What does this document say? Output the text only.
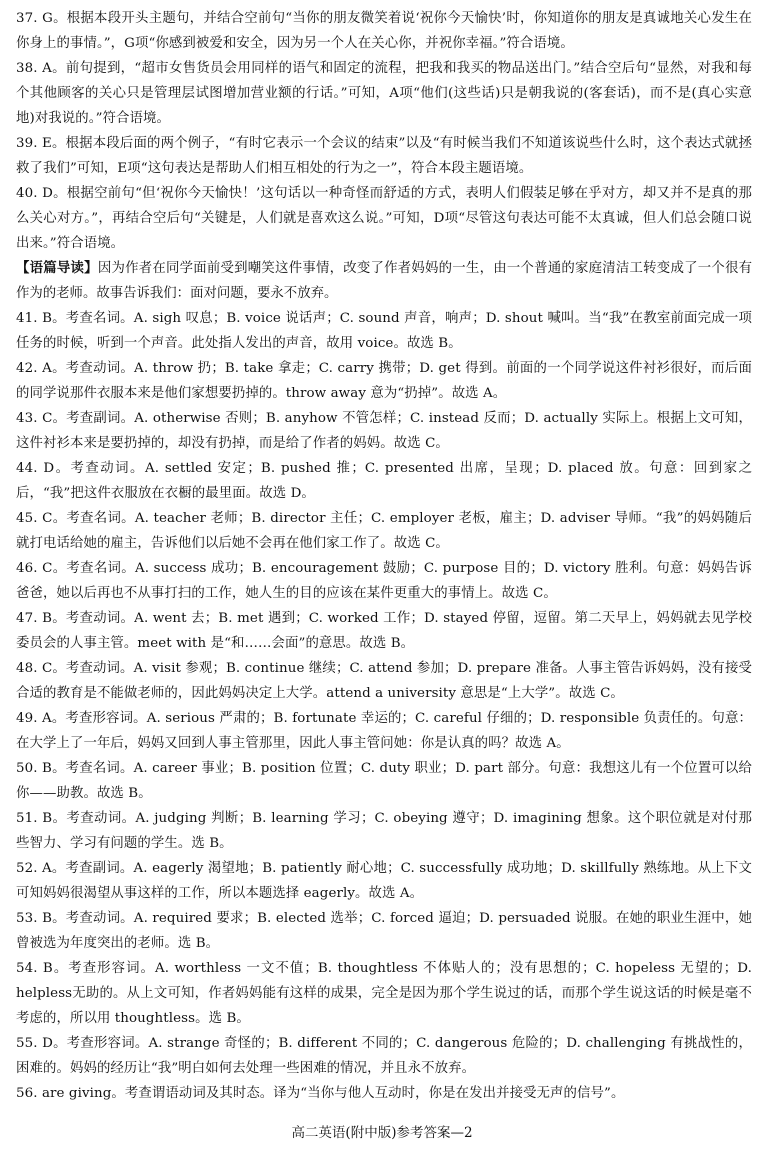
37. G。根据本段开头主题句，并结合空前句“当你的朋友微笑着说‘祝你今天愉快’时，你知道你的朋友是真诚地关心发生在你身上的事情。”，G项“你感到被爱和安全，因为另一个人在关心你，并祝你幸福。”符合语境。
38. A。前句提到，“超市女售货员会用同样的语气和固定的流程，把我和我买的物品送出门。”结合空后句“显然，对我和每个其他顾客的关心只是管理层试图增加营业额的行话。”可知，A项“他们(这些话)只是朝我说的(客套话)，而不是(真心实意地)对我说的。”符合语境。
39. E。根据本段后面的两个例子，“有时它表示一个会议的结束”以及“有时候当我们不知道该说些什么时，这个表达式就拯救了我们”可知，E项“这句表达是帮助人们相互相处的行为之一”，符合本段主题语境。
40. D。根据空前句“但‘祝你今天愉快！’这句话以一种奇怪而舒适的方式，表明人们假装足够在乎对方，却又并不是真的那么关心对方。”，再结合空后句“关键是，人们就是喜欢这么说。”可知，D项“尽管这句表达可能不太真诚，但人们总会随口说出来。”符合语境。
【语篇导读】因为作者在同学面前受到嘲笑这件事情，改变了作者妈妈的一生，由一个普通的家庭清洁工转变成了一个很有作为的老师。故事告诉我们：面对问题，要永不放弃。
41. B。考查名词。A. sigh 叹息；B. voice 说话声；C. sound 声音，响声；D. shout 喊叫。当“我”在教室前面完成一项任务的时候，听到一个声音。此处指人发出的声音，故用 voice。故选 B。
42. A。考查动词。A. throw 扔；B. take 拿走；C. carry 携带；D. get 得到。前面的一个同学说这件衬衫很好，而后面的同学说那件衣服本来是他们家想要扔掉的。throw away 意为“扔掉”。故选 A。
43. C。考查副词。A. otherwise 否则；B. anyhow 不管怎样；C. instead 反而；D. actually 实际上。根据上文可知，这件衬衫本来是要扔掉的，却没有扔掉，而是给了作者的妈妈。故选 C。
44. D。考查动词。A. settled 安定；B. pushed 推；C. presented 出席，呈现；D. placed 放。句意：回到家之后，“我”把这件衣服放在衣橱的最里面。故选 D。
45. C。考查名词。A. teacher 老师；B. director 主任；C. employer 老板，雇主；D. adviser 导师。“我”的妈妈随后就打电话给她的雇主，告诉他们以后她不会再在他们家工作了。故选 C。
46. C。考查名词。A. success 成功；B. encouragement 鼓励；C. purpose 目的；D. victory 胜利。句意：妈妈告诉爸爸，她以后再也不从事打扫的工作，她人生的目的应该在某件更重大的事情上。故选 C。
47. B。考查动词。A. went 去；B. met 遇到；C. worked 工作；D. stayed 停留，逗留。第二天早上，妈妈就去见学校委员会的人事主管。meet with 是“和……会面”的意思。故选 B。
48. C。考查动词。A. visit 参观；B. continue 继续；C. attend 参加；D. prepare 准备。人事主管告诉妈妈，没有接受合适的教育是不能做老师的，因此妈妈决定上大学。attend a university 意思是“上大学”。故选 C。
49. A。考查形容词。A. serious 严肃的；B. fortunate 幸运的；C. careful 仔细的；D. responsible 负责任的。句意：在大学上了一年后，妈妈又回到人事主管那里，因此人事主管问她：你是认真的吗？故选 A。
50. B。考查名词。A. career 事业；B. position 位置；C. duty 职业；D. part 部分。句意：我想这儿有一个位置可以给你——助教。故选 B。
51. B。考查动词。A. judging 判断；B. learning 学习；C. obeying 遵守；D. imagining 想象。这个职位就是对付那些智力、学习有问题的学生。选 B。
52. A。考查副词。A. eagerly 渴望地；B. patiently 耐心地；C. successfully 成功地；D. skillfully 熟练地。从上下文可知妈妈很渴望从事这样的工作，所以本题选择 eagerly。故选 A。
53. B。考查动词。A. required 要求；B. elected 选举；C. forced 逼迫；D. persuaded 说服。在她的职业生涯中，她曾被选为年度突出的老师。选 B。
54. B。考查形容词。A. worthless 一文不值；B. thoughtless 不体贴人的；没有思想的；C. hopeless 无望的；D. helpless无助的。从上文可知，作者妈妈能有这样的成果，完全是因为那个学生说过的话，而那个学生说这话的时候是毫不考虑的，所以用 thoughtless。选 B。
55. D。考查形容词。A. strange 奇怪的；B. different 不同的；C. dangerous 危险的；D. challenging 有挑战性的，困难的。妈妈的经历让“我”明白如何去处理一些困难的情况，并且永不放弃。
56. are giving。考查谓语动词及其时态。译为“当你与他人互动时，你是在发出并接受无声的信号”。
高二英语(附中版)参考答案—2
